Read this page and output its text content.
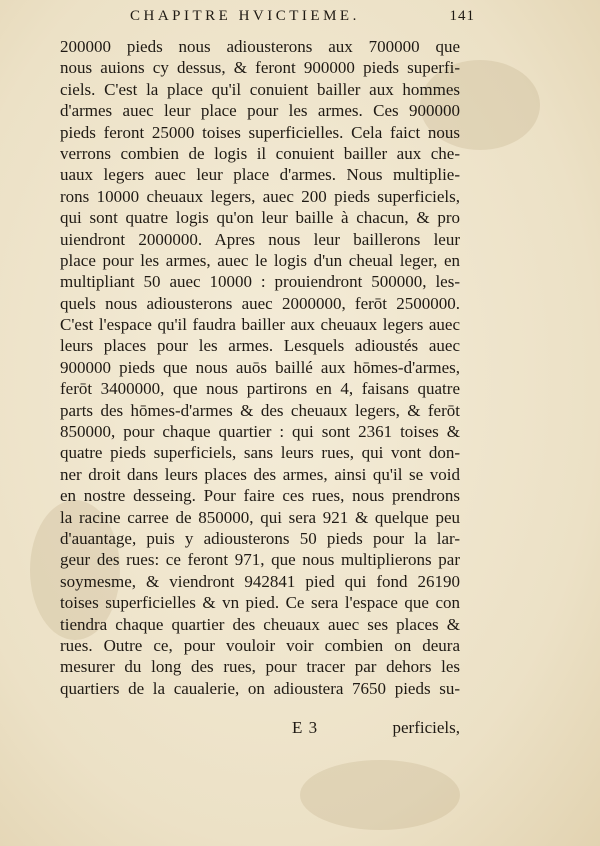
CHAPITRE HVICTIEME.	141
200000 pieds nous adiousterons aux 700000 que
nous auions cy dessus, & feront 900000 pieds superfi-
ciels. C'est la place qu'il conuient bailler aux hommes
d'armes auec leur place pour les armes. Ces 900000
pieds feront 25000 toises superficielles. Cela faict nous
verrons combien de logis il conuient bailler aux che-
uaux legers auec leur place d'armes. Nous multiplie-
rons 10000 cheuaux legers, auec 200 pieds superficiels,
qui sont quatre logis qu'on leur baille à chacun, & pro
uiendront 2000000. Apres nous leur baillerons leur
place pour les armes, auec le logis d'un cheual leger, en
multipliant 50 auec 10000 : prouiendront 500000, les-
quels nous adiousterons auec 2000000, ferōt 2500000.
C'est l'espace qu'il faudra bailler aux cheuaux legers auec
leurs places pour les armes. Lesquels adioustés auec
900000 pieds que nous auōs baillé aux hōmes-d'armes,
ferōt 3400000, que nous partirons en 4, faisans quatre
parts des hōmes-d'armes & des cheuaux legers, & ferōt
850000, pour chaque quartier : qui sont 2361 toises &
quatre pieds superficiels, sans leurs rues, qui vont don-
ner droit dans leurs places des armes, ainsi qu'il se void
en nostre desseing. Pour faire ces rues, nous prendrons
la racine carree de 850000, qui sera 921 & quelque peu
d'auantage, puis y adiousterons 50 pieds pour la lar-
geur des rues: ce feront 971, que nous multiplierons par
soymesme, & viendront 942841 pied qui fond 26190
toises superficielles & vn pied. Ce sera l'espace que con
tiendra chaque quartier des cheuaux auec ses places &
rues. Outre ce, pour vouloir voir combien on deura
mesurer du long des rues, pour tracer par dehors les
quartiers de la caualerie, on adioustera 7650 pieds su-
E 3	perficiels,
